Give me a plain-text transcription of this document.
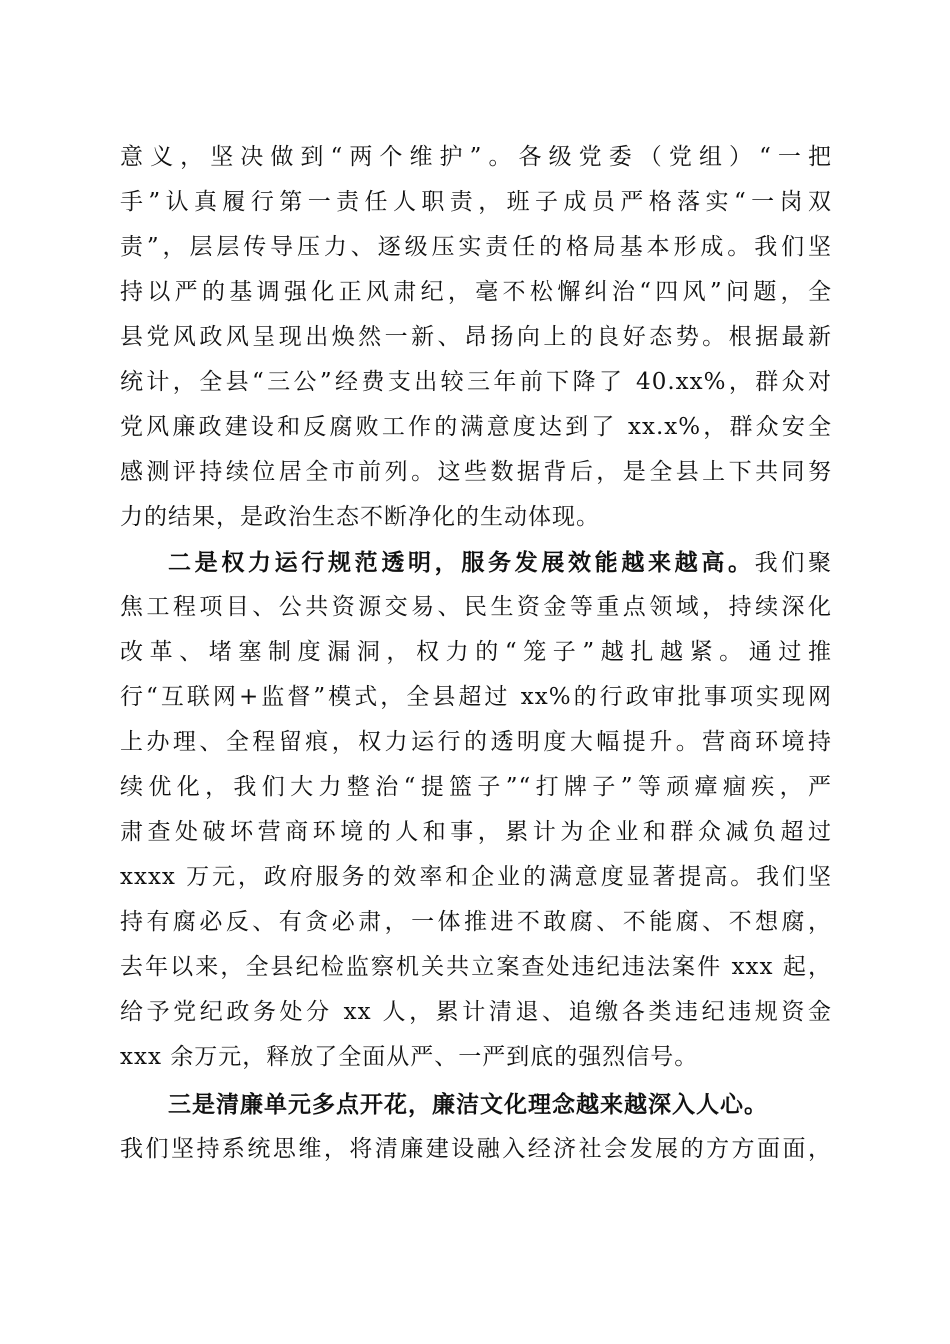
意义，坚决做到“两个维护”。各级党委（党组）“一把
手”认真履行第一责任人职责，班子成员严格落实“一岗双
责”，层层传导压力、逐级压实责任的格局基本形成。我们坚
持以严的基调强化正风肃纪，毫不松懈纠治“四风”问题，全
县党风政风呈现出焕然一新、昂扬向上的良好态势。根据最新
统计，全县“三公”经费支出较三年前下降了 40.xx%，群众对
党风廉政建设和反腐败工作的满意度达到了 xx.x%，群众安全
感测评持续位居全市前列。这些数据背后，是全县上下共同努
力的结果，是政治生态不断净化的生动体现。
二是权力运行规范透明，服务发展效能越来越高。我们聚
焦工程项目、公共资源交易、民生资金等重点领域，持续深化
改革、堵塞制度漏洞，权力的“笼子”越扎越紧。通过推
行“互联网+监督”模式，全县超过 xx%的行政审批事项实现网
上办理、全程留痕，权力运行的透明度大幅提升。营商环境持
续优化，我们大力整治“提篮子”“打牌子”等顽瘴痼疾，严
肃查处破坏营商环境的人和事，累计为企业和群众减负超过
xxxx 万元，政府服务的效率和企业的满意度显著提高。我们坚
持有腐必反、有贪必肃，一体推进不敢腐、不能腐、不想腐，
去年以来，全县纪检监察机关共立案查处违纪违法案件 xxx 起，
给予党纪政务处分 xx 人，累计清退、追缴各类违纪违规资金
xxx 余万元，释放了全面从严、一严到底的强烈信号。
三是清廉单元多点开花，廉洁文化理念越来越深入人心。
我们坚持系统思维，将清廉建设融入经济社会发展的方方面面，
